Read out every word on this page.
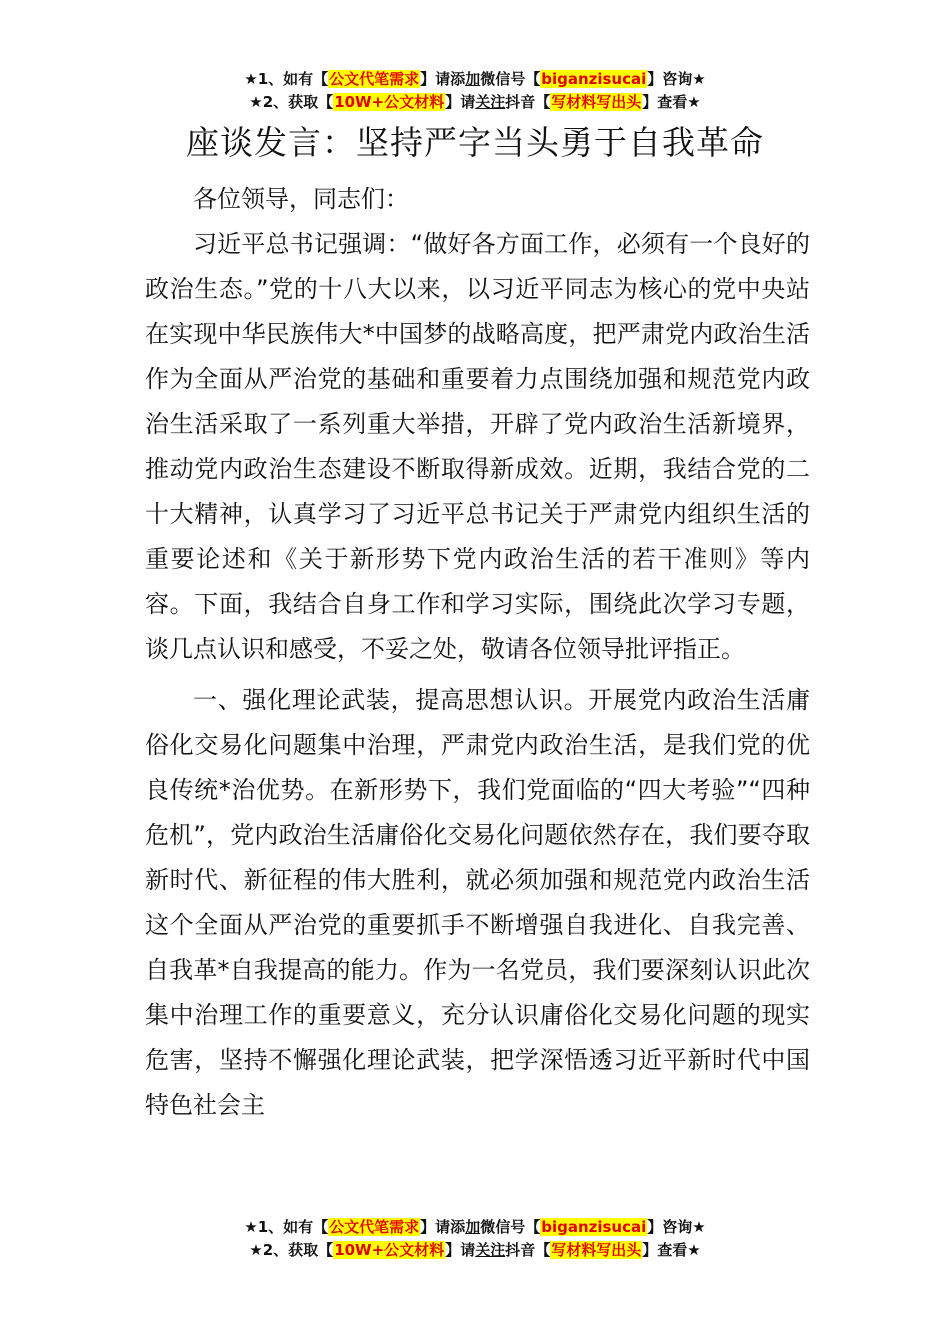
★1、如有【公文代笔需求】请添加微信号【biganzisucai】咨询★
★2、获取【10W+公文材料】请关注抖音【写材料写出头】查看★
座谈发言：坚持严字当头勇于自我革命

各位领导，同志们：

习近平总书记强调：“做好各方面工作，必须有一个良好的政治生态。”党的十八大以来，以习近平同志为核心的党中央站在实现中华民族伟大*中国梦的战略高度，把严肃党内政治生活作为全面从严治党的基础和重要着力点围绕加强和规范党内政治生活采取了一系列重大举措，开辟了党内政治生活新境界，推动党内政治生态建设不断取得新成效。近期，我结合党的二十大精神，认真学习了习近平总书记关于严肃党内组织生活的重要论述和《关于新形势下党内政治生活的若干准则》等内容。下面，我结合自身工作和学习实际，围绕此次学习专题，谈几点认识和感受，不妥之处，敬请各位领导批评指正。

一、强化理论武装，提高思想认识。开展党内政治生活庸俗化交易化问题集中治理，严肃党内政治生活，是我们党的优良传统*治优势。在新形势下，我们党面临的“四大考验”“四种危机”，党内政治生活庸俗化交易化问题依然存在，我们要夺取新时代、新征程的伟大胜利，就必须加强和规范党内政治生活这个全面从严治党的重要抓手不断增强自我进化、自我完善、自我革*自我提高的能力。作为一名党员，我们要深刻认识此次集中治理工作的重要意义，充分认识庸俗化交易化问题的现实危害，坚持不懈强化理论武装，把学深悟透习近平新时代中国特色社会主

★1、如有【公文代笔需求】请添加微信号【biganzisucai】咨询★
★2、获取【10W+公文材料】请关注抖音【写材料写出头】查看★
